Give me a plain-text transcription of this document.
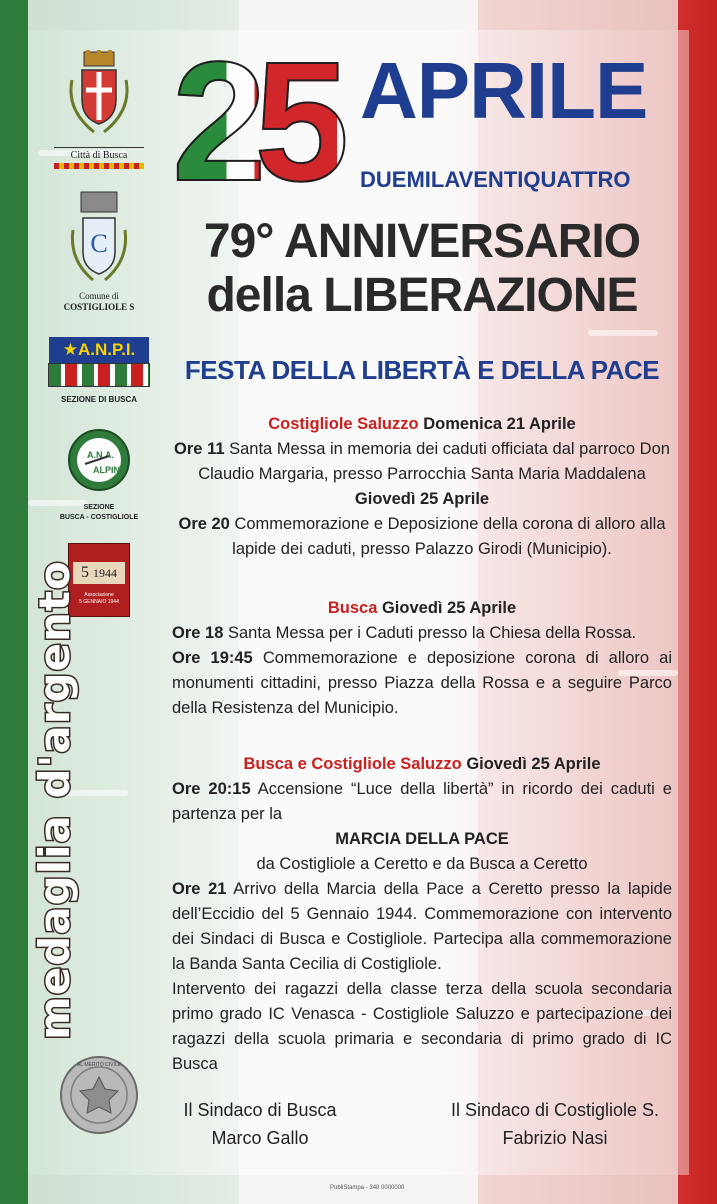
Città di Busca
C
Comune di
COSTIGLIOLE S
★A.N.P.I.
SEZIONE DI BUSCA
A.N.A.
ALPINI
SEZIONE
BUSCA - COSTIGLIOLE
5 1944
Associazione
5 GENNAIO 1944
AL MERITO CIVILE
25 APRILE
DUEMILAVENTIQUATTRO
79° ANNIVERSARIO
della LIBERAZIONE
FESTA DELLA LIBERTÀ E DELLA PACE
Costigliole Saluzzo Domenica 21 Aprile
Ore 11 Santa Messa in memoria dei caduti officiata dal parroco Don Claudio Margaria, presso Parrocchia Santa Maria Maddalena
Giovedì 25 Aprile
Ore 20 Commemorazione e Deposizione della corona di alloro alla lapide dei caduti, presso Palazzo Girodi (Municipio).
Busca Giovedì 25 Aprile
Ore 18 Santa Messa per i Caduti presso la Chiesa della Rossa.
Ore 19:45 Commemorazione e deposizione corona di alloro ai monumenti cittadini, presso Piazza della Rossa e a seguire Parco della Resistenza del Municipio.
Busca e Costigliole Saluzzo Giovedì 25 Aprile
Ore 20:15 Accensione “Luce della libertà” in ricordo dei caduti e partenza per la
MARCIA DELLA PACE
da Costigliole a Ceretto e da Busca a Ceretto
Ore 21 Arrivo della Marcia della Pace a Ceretto presso la lapide dell’Eccidio del 5 Gennaio 1944. Commemorazione con intervento dei Sindaci di Busca e Costigliole. Partecipa alla commemorazione la Banda Santa Cecilia di Costigliole.
Intervento dei ragazzi della classe terza della scuola secondaria primo grado IC Venasca - Costigliole Saluzzo e partecipazione dei ragazzi della scuola primaria e secondaria di primo grado di IC Busca
Il Sindaco di Busca
Marco Gallo
Il Sindaco di Costigliole S.
Fabrizio Nasi
PubliStampa - 348 0000000
